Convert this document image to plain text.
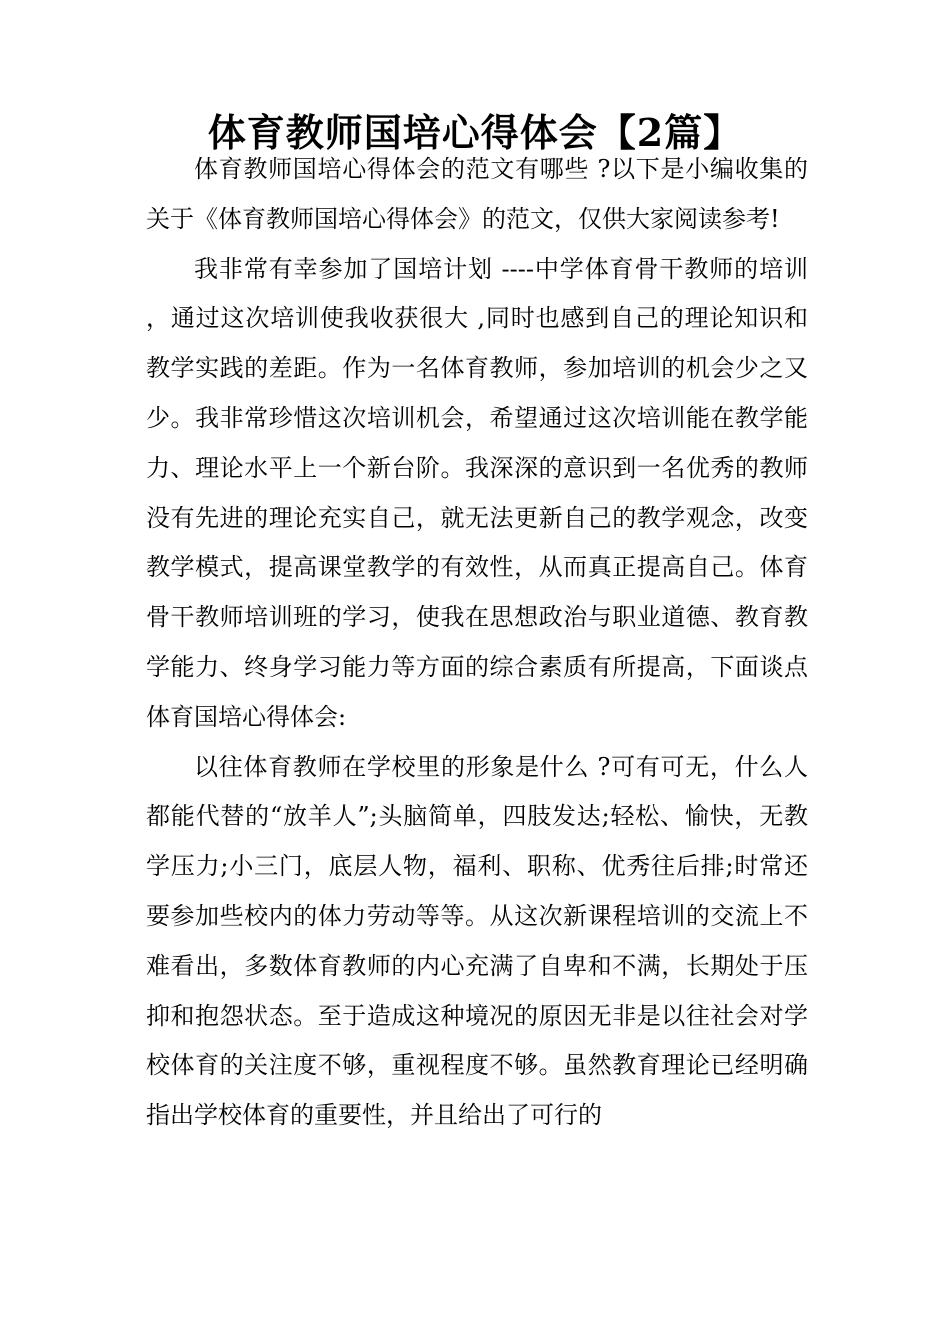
体育教师国培心得体会【2篇】

体育教师国培心得体会的范文有哪些 ?以下是小编收集的关于《体育教师国培心得体会》的范文，仅供大家阅读参考!

我非常有幸参加了国培计划 ----中学体育骨干教师的培训，通过这次培训使我收获很大 ,同时也感到自己的理论知识和教学实践的差距。作为一名体育教师，参加培训的机会少之又少。我非常珍惜这次培训机会，希望通过这次培训能在教学能力、理论水平上一个新台阶。我深深的意识到一名优秀的教师没有先进的理论充实自己，就无法更新自己的教学观念，改变教学模式，提高课堂教学的有效性，从而真正提高自己。体育骨干教师培训班的学习，使我在思想政治与职业道德、教育教学能力、终身学习能力等方面的综合素质有所提高，下面谈点体育国培心得体会:

以往体育教师在学校里的形象是什么 ?可有可无，什么人都能代替的“放羊人”;头脑简单，四肢发达;轻松、愉快，无教学压力;小三门，底层人物，福利、职称、优秀往后排;时常还要参加些校内的体力劳动等等。从这次新课程培训的交流上不难看出，多数体育教师的内心充满了自卑和不满，长期处于压抑和抱怨状态。至于造成这种境况的原因无非是以往社会对学校体育的关注度不够，重视程度不够。虽然教育理论已经明确指出学校体育的重要性，并且给出了可行的
